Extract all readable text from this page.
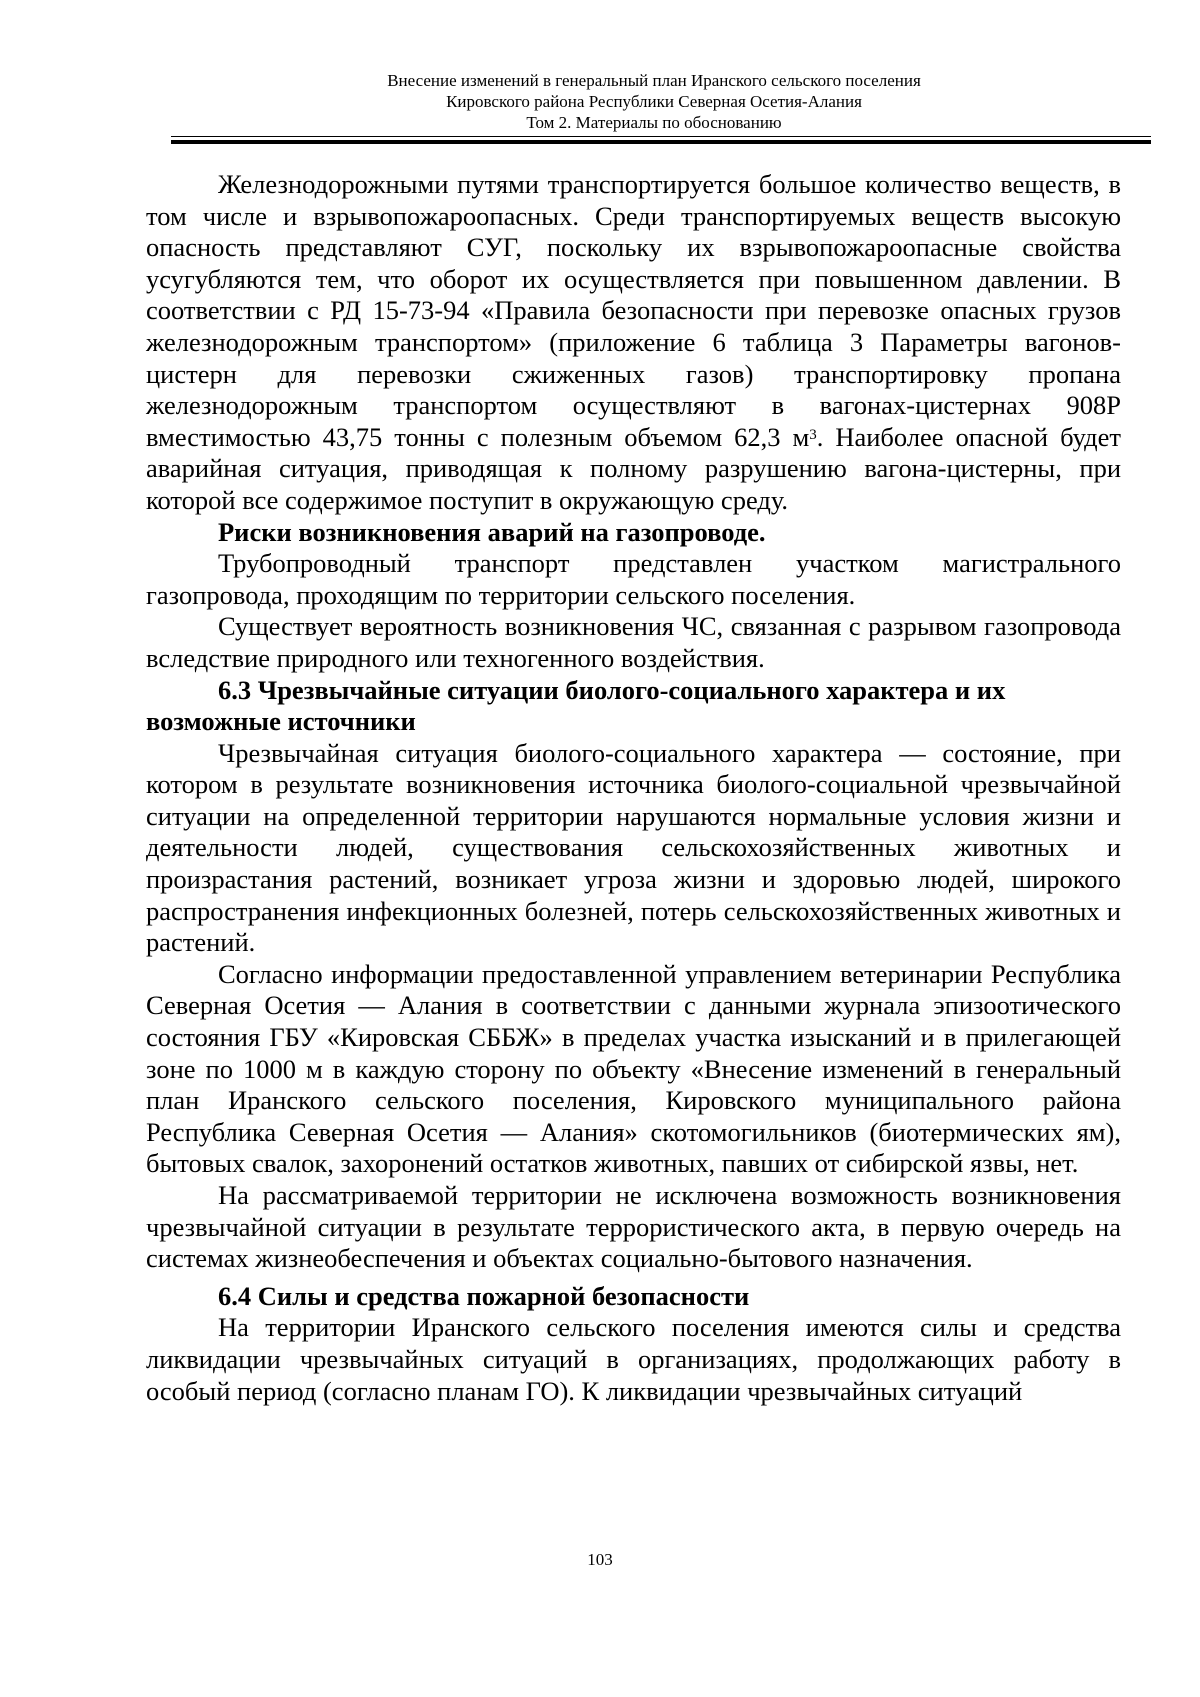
Внесение изменений в генеральный план Иранского сельского поселения
Кировского района Республики Северная Осетия-Алания
Том 2. Материалы по обоснованию

Железнодорожными путями транспортируется большое количество веществ, в том числе и взрывопожароопасных. Среди транспортируемых веществ высокую опасность представляют СУГ, поскольку их взрывопожароопасные свойства усугубляются тем, что оборот их осуществляется при повышенном давлении. В соответствии с РД 15-73-94 «Правила безопасности при перевозке опасных грузов железнодорожным транспортом» (приложение 6 таблица 3 Параметры вагонов-цистерн для перевозки сжиженных газов) транспортировку пропана железнодорожным транспортом осуществляют в вагонах-цистернах 908Р вместимостью 43,75 тонны с полезным объемом 62,3 $м^3$. Наиболее опасной будет аварийная ситуация, приводящая к полному разрушению вагона-цистерны, при которой все содержимое поступит в окружающую среду.

Риски возникновения аварий на газопроводе.

Трубопроводный транспорт представлен участком магистрального газопровода, проходящим по территории сельского поселения.

Существует вероятность возникновения ЧС, связанная с разрывом газопровода вследствие природного или техногенного воздействия.

6.3 Чрезвычайные ситуации биолого-социального характера и их возможные источники

Чрезвычайная ситуация биолого-социального характера — состояние, при котором в результате возникновения источника биолого-социальной чрезвычайной ситуации на определенной территории нарушаются нормальные условия жизни и деятельности людей, существования сельскохозяйственных животных и произрастания растений, возникает угроза жизни и здоровью людей, широкого распространения инфекционных болезней, потерь сельскохозяйственных животных и растений.

Согласно информации предоставленной управлением ветеринарии Республика Северная Осетия — Алания в соответствии с данными журнала эпизоотического состояния ГБУ «Кировская СББЖ» в пределах участка изысканий и в прилегающей зоне по 1000 м в каждую сторону по объекту «Внесение изменений в генеральный план Иранского сельского поселения, Кировского муниципального района Республика Северная Осетия — Алания» скотомогильников (биотермических ям), бытовых свалок, захоронений остатков животных, павших от сибирской язвы, нет.

На рассматриваемой территории не исключена возможность возникновения чрезвычайной ситуации в результате террористического акта, в первую очередь на системах жизнеобеспечения и объектах социально-бытового назначения.

6.4 Силы и средства пожарной безопасности

На территории Иранского сельского поселения имеются силы и средства ликвидации чрезвычайных ситуаций в организациях, продолжающих работу в особый период (согласно планам ГО). К ликвидации чрезвычайных ситуаций

103
